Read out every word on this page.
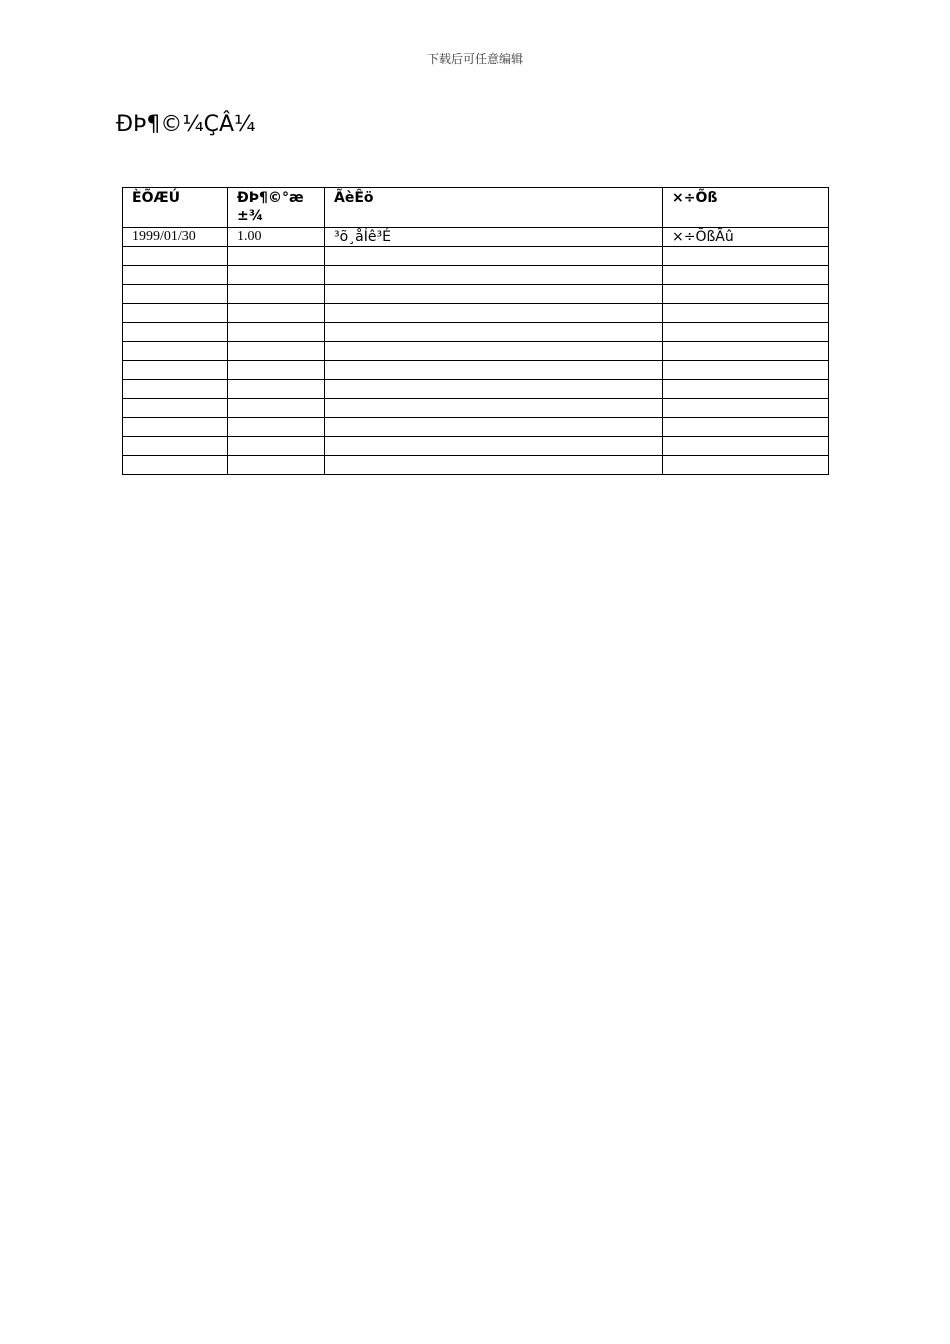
下载后可任意编辑
ÐÞ¶©¼ÇÂ¼
ÈÕÆÚ	ÐÞ¶©°æ±¾	ÃèÊö	×÷Õß
1999/01/30	1.00	³õ¸åÍê³É	×÷ÕßÃû
